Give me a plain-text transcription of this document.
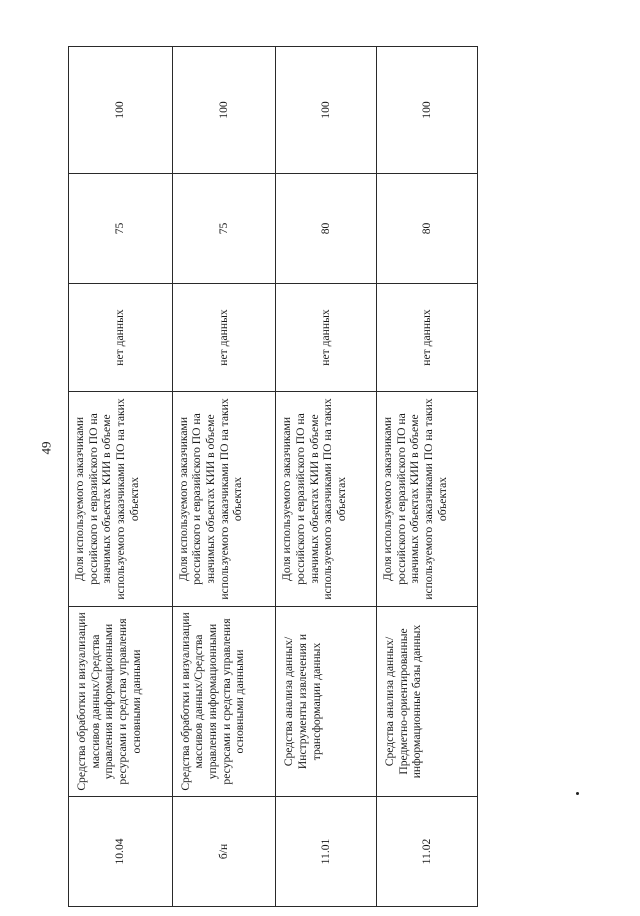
49
10.04	Средства обработки и визуализации массивов данных/Средства управления информационными ресурсами и средства управления основными данными	Доля используемого заказчиками российского и евразийского ПО на значимых объектах КИИ в объеме используемого заказчиками ПО на таких объектах	нет данных	75	100
б/н	Средства обработки и визуализации массивов данных/Средства управления информационными ресурсами и средства управления основными данными	Доля используемого заказчиками российского и евразийского ПО на значимых объектах КИИ в объеме используемого заказчиками ПО на таких объектах	нет данных	75	100
11.01	Средства анализа данных/ Инструменты извлечения и трансформации данных	Доля используемого заказчиками российского и евразийского ПО на значимых объектах КИИ в объеме используемого заказчиками ПО на таких объектах	нет данных	80	100
11.02	Средства анализа данных/Предметно-ориентированные информационные базы данных	Доля используемого заказчиками российского и евразийского ПО на значимых объектах КИИ в объеме используемого заказчиками ПО на таких объектах	нет данных	80	100
